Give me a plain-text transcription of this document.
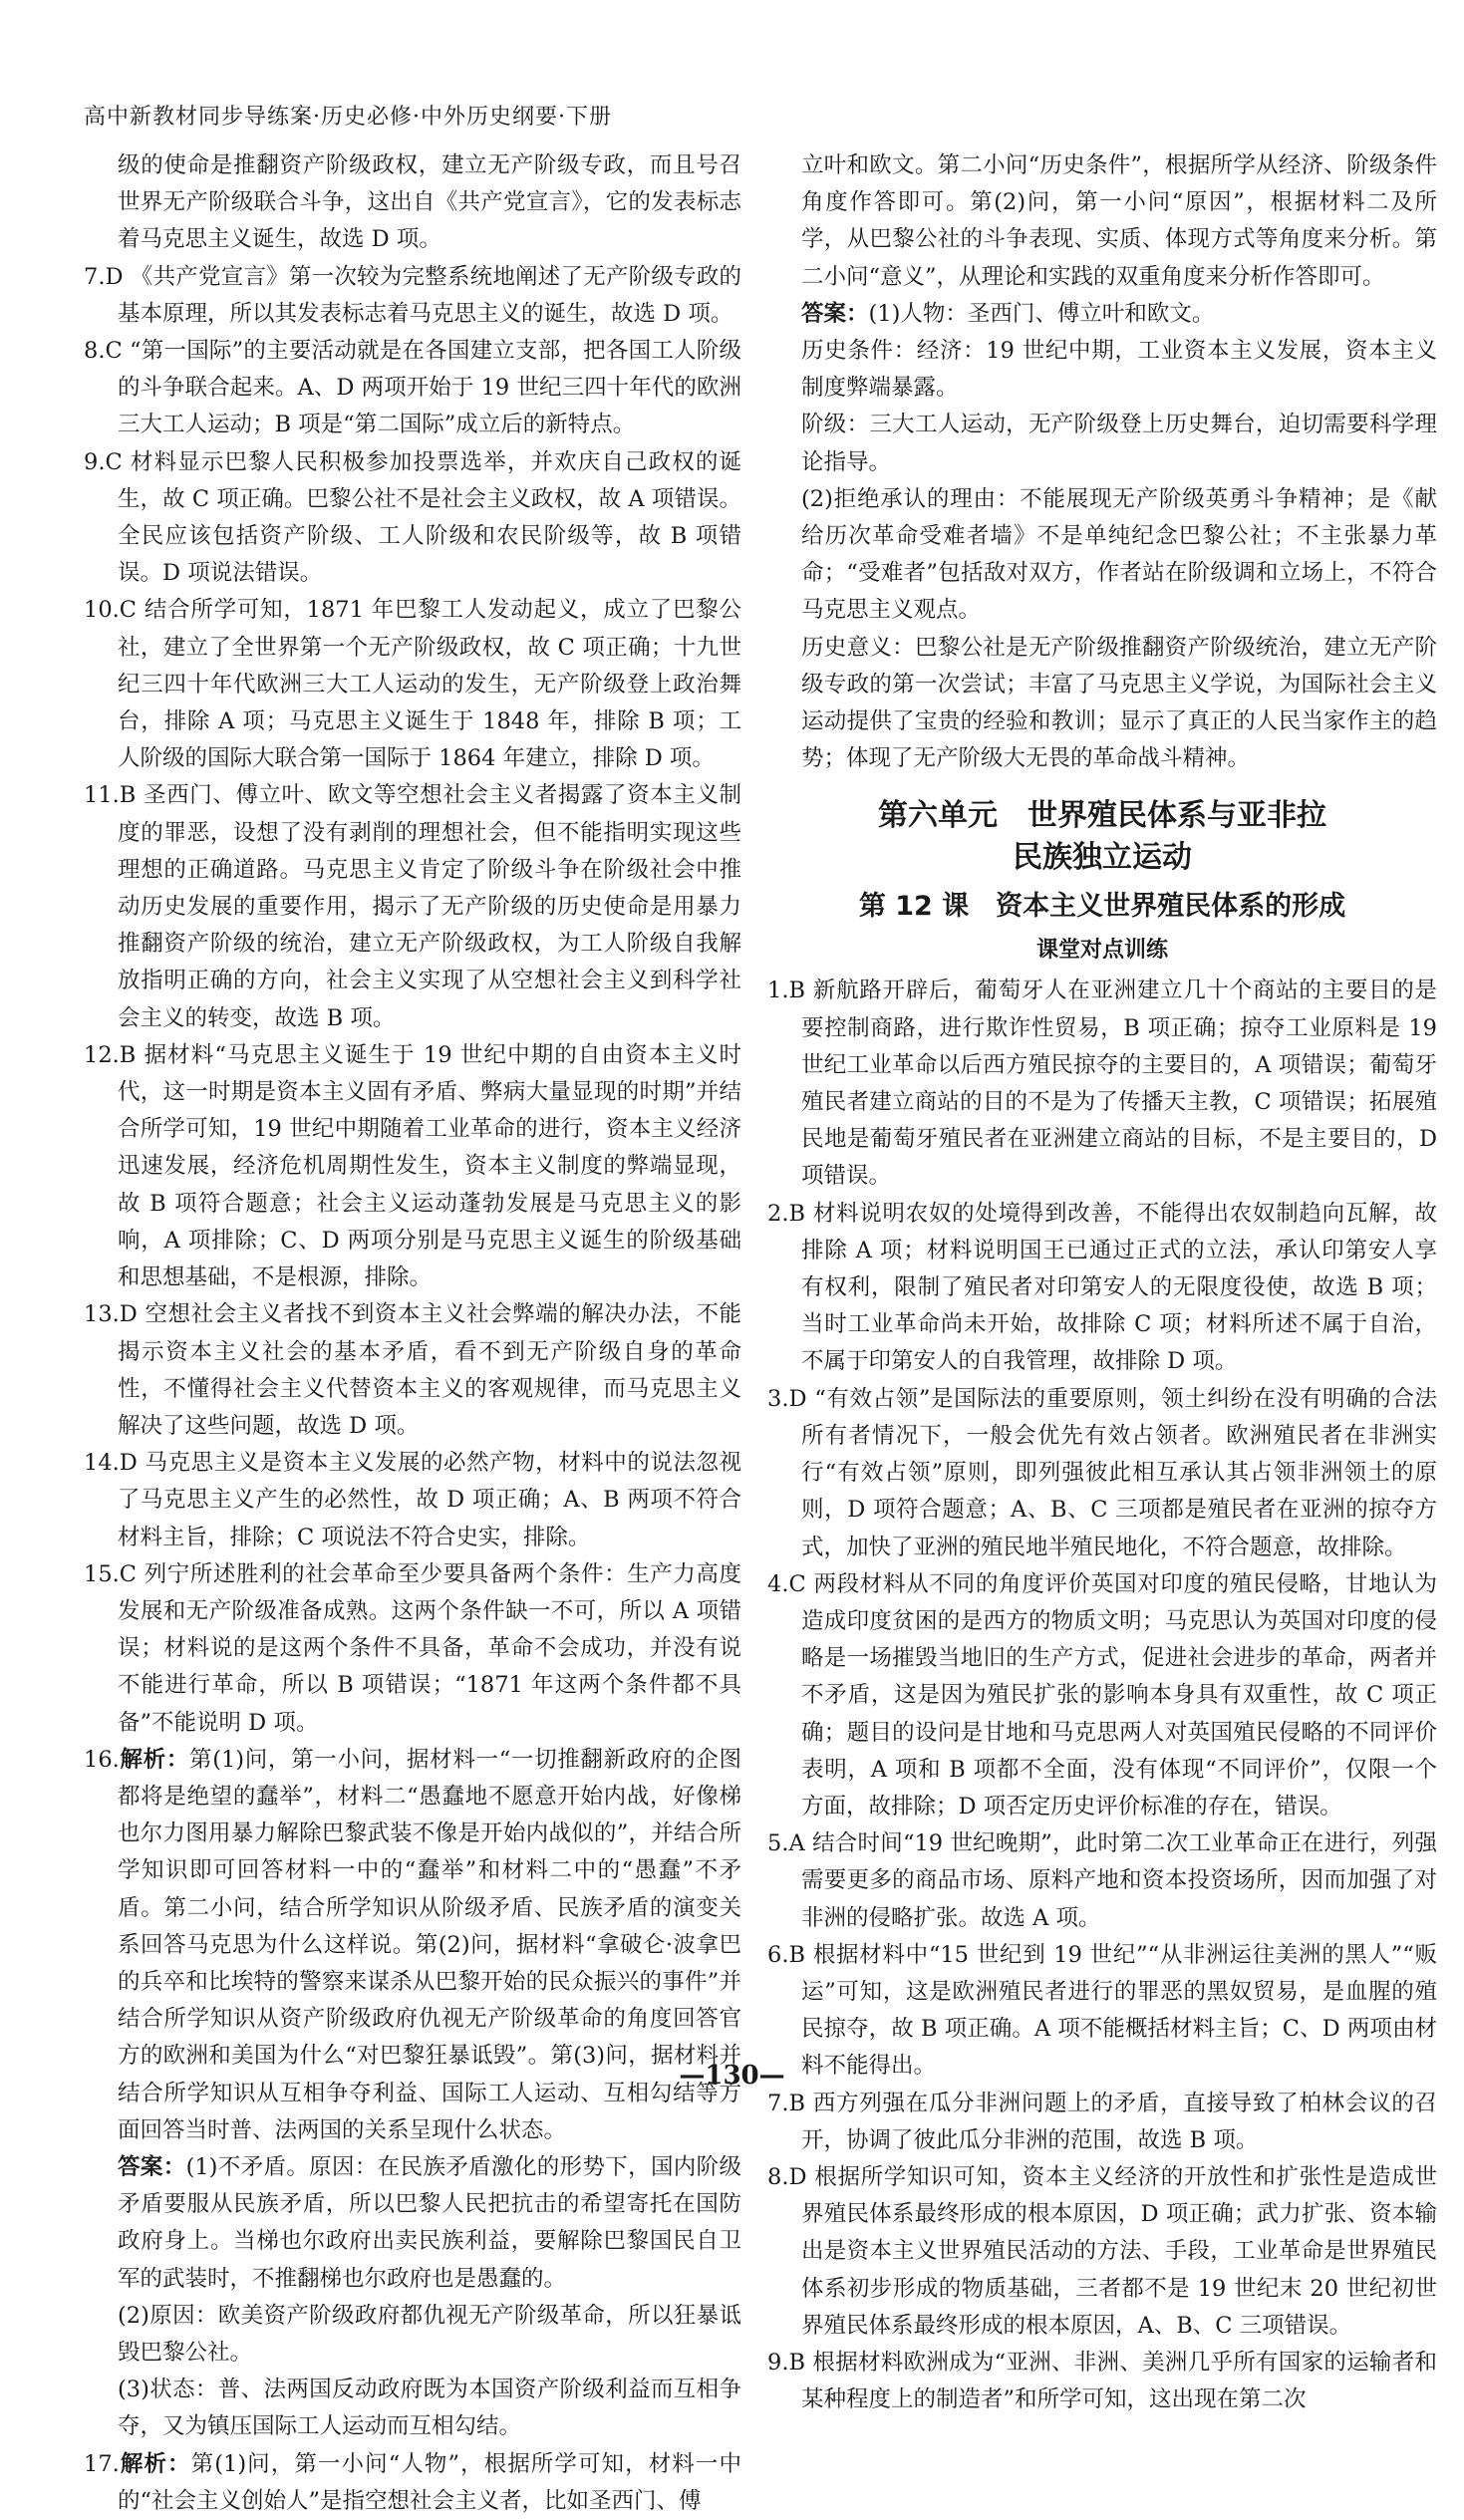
高中新教材同步导练案·历史必修·中外历史纲要·下册

级的使命是推翻资产阶级政权，建立无产阶级专政，而且号召世界无产阶级联合斗争，这出自《共产党宣言》，它的发表标志着马克思主义诞生，故选 D 项。

7.D 《共产党宣言》第一次较为完整系统地阐述了无产阶级专政的基本原理，所以其发表标志着马克思主义的诞生，故选 D 项。

8.C “第一国际”的主要活动就是在各国建立支部，把各国工人阶级的斗争联合起来。A、D 两项开始于 19 世纪三四十年代的欧洲三大工人运动；B 项是“第二国际”成立后的新特点。

9.C 材料显示巴黎人民积极参加投票选举，并欢庆自己政权的诞生，故 C 项正确。巴黎公社不是社会主义政权，故 A 项错误。全民应该包括资产阶级、工人阶级和农民阶级等，故 B 项错误。D 项说法错误。

10.C 结合所学可知，1871 年巴黎工人发动起义，成立了巴黎公社，建立了全世界第一个无产阶级政权，故 C 项正确；十九世纪三四十年代欧洲三大工人运动的发生，无产阶级登上政治舞台，排除 A 项；马克思主义诞生于 1848 年，排除 B 项；工人阶级的国际大联合第一国际于 1864 年建立，排除 D 项。

11.B 圣西门、傅立叶、欧文等空想社会主义者揭露了资本主义制度的罪恶，设想了没有剥削的理想社会，但不能指明实现这些理想的正确道路。马克思主义肯定了阶级斗争在阶级社会中推动历史发展的重要作用，揭示了无产阶级的历史使命是用暴力推翻资产阶级的统治，建立无产阶级政权，为工人阶级自我解放指明正确的方向，社会主义实现了从空想社会主义到科学社会主义的转变，故选 B 项。

12.B 据材料“马克思主义诞生于 19 世纪中期的自由资本主义时代，这一时期是资本主义固有矛盾、弊病大量显现的时期”并结合所学可知，19 世纪中期随着工业革命的进行，资本主义经济迅速发展，经济危机周期性发生，资本主义制度的弊端显现，故 B 项符合题意；社会主义运动蓬勃发展是马克思主义的影响，A 项排除；C、D 两项分别是马克思主义诞生的阶级基础和思想基础，不是根源，排除。

13.D 空想社会主义者找不到资本主义社会弊端的解决办法，不能揭示资本主义社会的基本矛盾，看不到无产阶级自身的革命性，不懂得社会主义代替资本主义的客观规律，而马克思主义解决了这些问题，故选 D 项。

14.D 马克思主义是资本主义发展的必然产物，材料中的说法忽视了马克思主义产生的必然性，故 D 项正确；A、B 两项不符合材料主旨，排除；C 项说法不符合史实，排除。

15.C 列宁所述胜利的社会革命至少要具备两个条件：生产力高度发展和无产阶级准备成熟。这两个条件缺一不可，所以 A 项错误；材料说的是这两个条件不具备，革命不会成功，并没有说不能进行革命，所以 B 项错误；“1871 年这两个条件都不具备”不能说明 D 项。

16.解析：第(1)问，第一小问，据材料一“一切推翻新政府的企图都将是绝望的蠢举”，材料二“愚蠢地不愿意开始内战，好像梯也尔力图用暴力解除巴黎武装不像是开始内战似的”，并结合所学知识即可回答材料一中的“蠢举”和材料二中的“愚蠢”不矛盾。第二小问，结合所学知识从阶级矛盾、民族矛盾的演变关系回答马克思为什么这样说。第(2)问，据材料“拿破仑·波拿巴的兵卒和比埃特的警察来谋杀从巴黎开始的民众振兴的事件”并结合所学知识从资产阶级政府仇视无产阶级革命的角度回答官方的欧洲和美国为什么“对巴黎狂暴诋毁”。第(3)问，据材料并结合所学知识从互相争夺利益、国际工人运动、互相勾结等方面回答当时普、法两国的关系呈现什么状态。

答案：(1)不矛盾。原因：在民族矛盾激化的形势下，国内阶级矛盾要服从民族矛盾，所以巴黎人民把抗击的希望寄托在国防政府身上。当梯也尔政府出卖民族利益，要解除巴黎国民自卫军的武装时，不推翻梯也尔政府也是愚蠢的。

(2)原因：欧美资产阶级政府都仇视无产阶级革命，所以狂暴诋毁巴黎公社。

(3)状态：普、法两国反动政府既为本国资产阶级利益而互相争夺，又为镇压国际工人运动而互相勾结。

17.解析：第(1)问，第一小问“人物”，根据所学可知，材料一中的“社会主义创始人”是指空想社会主义者，比如圣西门、傅

立叶和欧文。第二小问“历史条件”，根据所学从经济、阶级条件角度作答即可。第(2)问，第一小问“原因”，根据材料二及所学，从巴黎公社的斗争表现、实质、体现方式等角度来分析。第二小问“意义”，从理论和实践的双重角度来分析作答即可。

答案：(1)人物：圣西门、傅立叶和欧文。

历史条件：经济：19 世纪中期，工业资本主义发展，资本主义制度弊端暴露。

阶级：三大工人运动，无产阶级登上历史舞台，迫切需要科学理论指导。

(2)拒绝承认的理由：不能展现无产阶级英勇斗争精神；是《献给历次革命受难者墙》不是单纯纪念巴黎公社；不主张暴力革命；“受难者”包括敌对双方，作者站在阶级调和立场上，不符合马克思主义观点。

历史意义：巴黎公社是无产阶级推翻资产阶级统治，建立无产阶级专政的第一次尝试；丰富了马克思主义学说，为国际社会主义运动提供了宝贵的经验和教训；显示了真正的人民当家作主的趋势；体现了无产阶级大无畏的革命战斗精神。

第六单元　世界殖民体系与亚非拉
民族独立运动
第 12 课　资本主义世界殖民体系的形成
课堂对点训练

1.B 新航路开辟后，葡萄牙人在亚洲建立几十个商站的主要目的是要控制商路，进行欺诈性贸易，B 项正确；掠夺工业原料是 19 世纪工业革命以后西方殖民掠夺的主要目的，A 项错误；葡萄牙殖民者建立商站的目的不是为了传播天主教，C 项错误；拓展殖民地是葡萄牙殖民者在亚洲建立商站的目标，不是主要目的，D 项错误。

2.B 材料说明农奴的处境得到改善，不能得出农奴制趋向瓦解，故排除 A 项；材料说明国王已通过正式的立法，承认印第安人享有权利，限制了殖民者对印第安人的无限度役使，故选 B 项；当时工业革命尚未开始，故排除 C 项；材料所述不属于自治，不属于印第安人的自我管理，故排除 D 项。

3.D “有效占领”是国际法的重要原则，领土纠纷在没有明确的合法所有者情况下，一般会优先有效占领者。欧洲殖民者在非洲实行“有效占领”原则，即列强彼此相互承认其占领非洲领土的原则，D 项符合题意；A、B、C 三项都是殖民者在亚洲的掠夺方式，加快了亚洲的殖民地半殖民地化，不符合题意，故排除。

4.C 两段材料从不同的角度评价英国对印度的殖民侵略，甘地认为造成印度贫困的是西方的物质文明；马克思认为英国对印度的侵略是一场摧毁当地旧的生产方式，促进社会进步的革命，两者并不矛盾，这是因为殖民扩张的影响本身具有双重性，故 C 项正确；题目的设问是甘地和马克思两人对英国殖民侵略的不同评价表明，A 项和 B 项都不全面，没有体现“不同评价”，仅限一个方面，故排除；D 项否定历史评价标准的存在，错误。

5.A 结合时间“19 世纪晚期”，此时第二次工业革命正在进行，列强需要更多的商品市场、原料产地和资本投资场所，因而加强了对非洲的侵略扩张。故选 A 项。

6.B 根据材料中“15 世纪到 19 世纪”“从非洲运往美洲的黑人”“贩运”可知，这是欧洲殖民者进行的罪恶的黑奴贸易，是血腥的殖民掠夺，故 B 项正确。A 项不能概括材料主旨；C、D 两项由材料不能得出。

7.B 西方列强在瓜分非洲问题上的矛盾，直接导致了柏林会议的召开，协调了彼此瓜分非洲的范围，故选 B 项。

8.D 根据所学知识可知，资本主义经济的开放性和扩张性是造成世界殖民体系最终形成的根本原因，D 项正确；武力扩张、资本输出是资本主义世界殖民活动的方法、手段，工业革命是世界殖民体系初步形成的物质基础，三者都不是 19 世纪末 20 世纪初世界殖民体系最终形成的根本原因，A、B、C 三项错误。

9.B 根据材料欧洲成为“亚洲、非洲、美洲几乎所有国家的运输者和某种程度上的制造者”和所学可知，这出现在第二次

—130—
